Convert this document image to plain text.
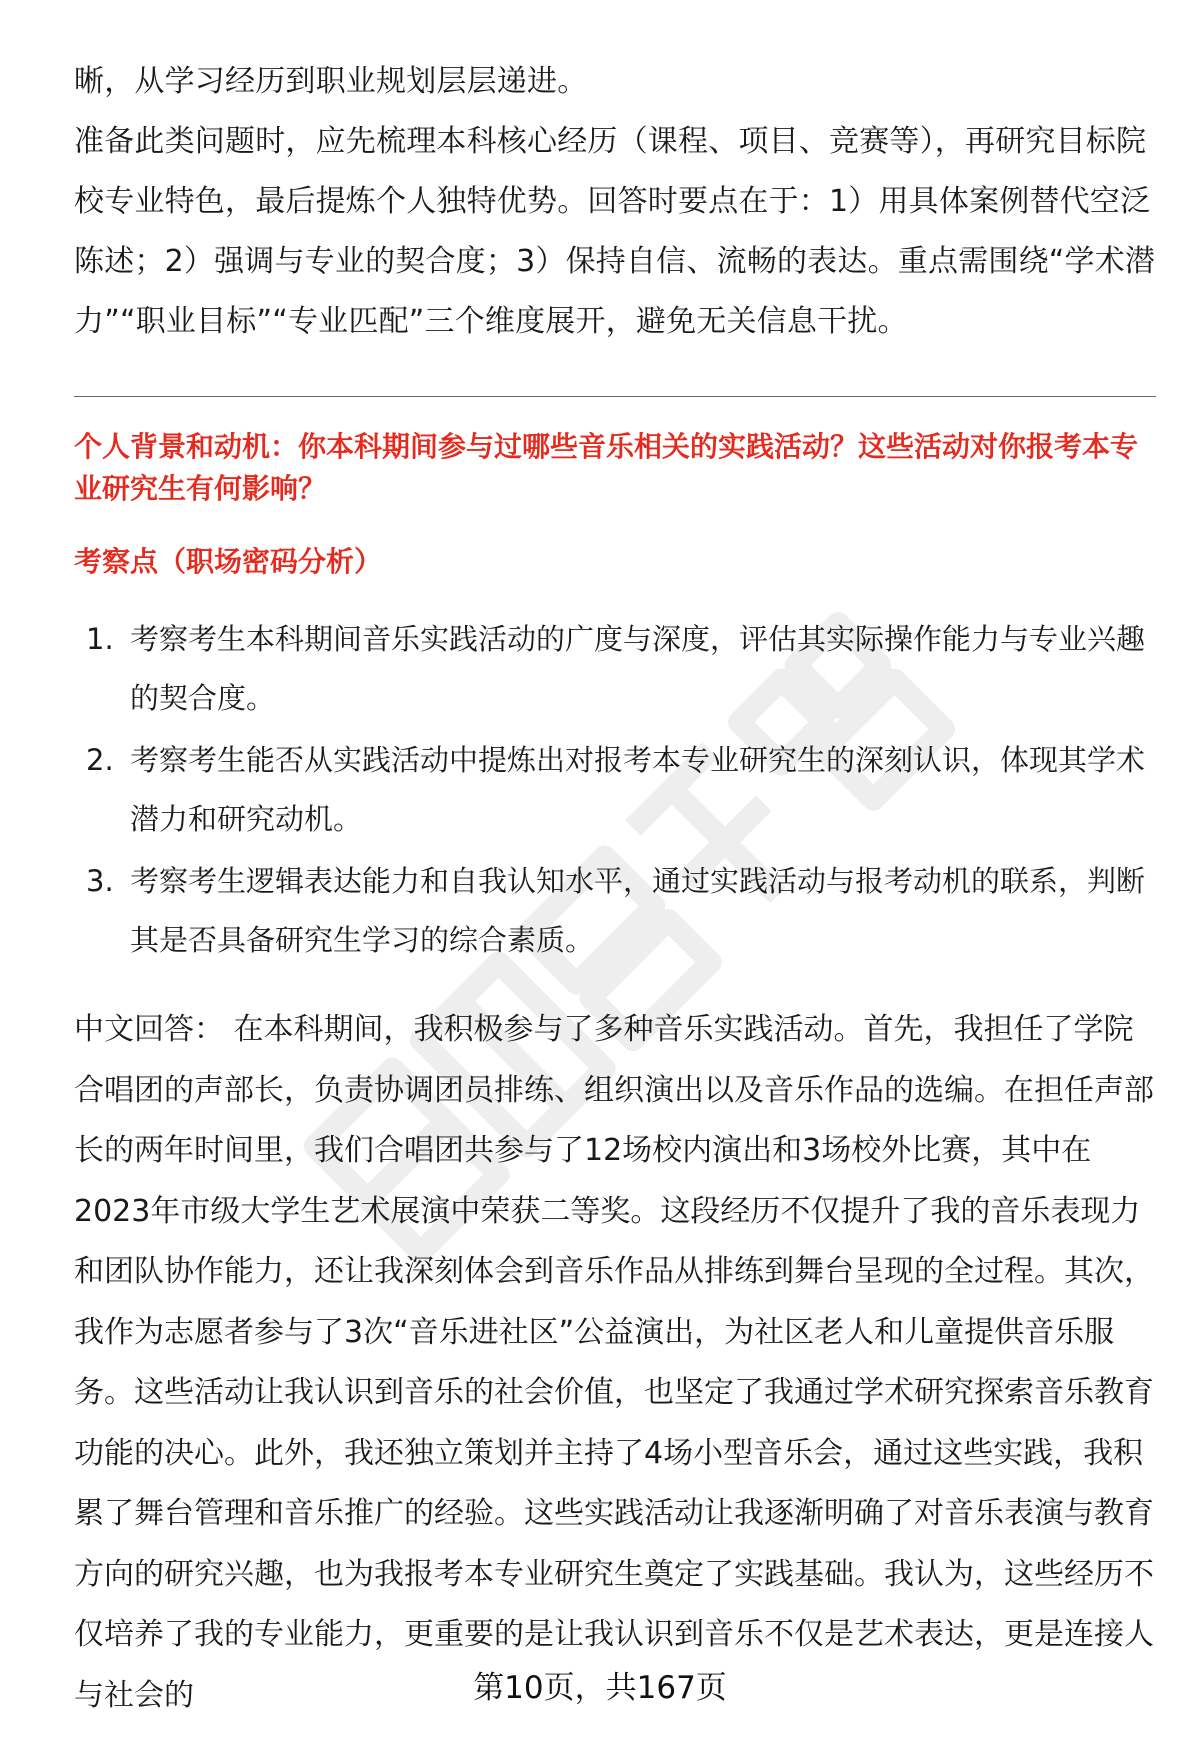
晰，从学习经历到职业规划层层递进。

准备此类问题时，应先梳理本科核心经历（课程、项目、竞赛等），再研究目标院校专业特色，最后提炼个人独特优势。回答时要点在于：1）用具体案例替代空泛陈述；2）强调与专业的契合度；3）保持自信、流畅的表达。重点需围绕“学术潜力”“职业目标”“专业匹配”三个维度展开，避免无关信息干扰。

个人背景和动机：你本科期间参与过哪些音乐相关的实践活动？这些活动对你报考本专业研究生有何影响？

考察点（职场密码分析）

1. 考察考生本科期间音乐实践活动的广度与深度，评估其实际操作能力与专业兴趣的契合度。
2. 考察考生能否从实践活动中提炼出对报考本专业研究生的深刻认识，体现其学术潜力和研究动机。
3. 考察考生逻辑表达能力和自我认知水平，通过实践活动与报考动机的联系，判断其是否具备研究生学习的综合素质。

中文回答： 在本科期间，我积极参与了多种音乐实践活动。首先，我担任了学院合唱团的声部长，负责协调团员排练、组织演出以及音乐作品的选编。在担任声部长的两年时间里，我们合唱团共参与了12场校内演出和3场校外比赛，其中在2023年市级大学生艺术展演中荣获二等奖。这段经历不仅提升了我的音乐表现力和团队协作能力，还让我深刻体会到音乐作品从排练到舞台呈现的全过程。其次，我作为志愿者参与了3次“音乐进社区”公益演出，为社区老人和儿童提供音乐服务。这些活动让我认识到音乐的社会价值，也坚定了我通过学术研究探索音乐教育功能的决心。此外，我还独立策划并主持了4场小型音乐会，通过这些实践，我积累了舞台管理和音乐推广的经验。这些实践活动让我逐渐明确了对音乐表演与教育方向的研究兴趣，也为我报考本专业研究生奠定了实践基础。我认为，这些经历不仅培养了我的专业能力，更重要的是让我认识到音乐不仅是艺术表达，更是连接人与社会的	第10页，共167页
